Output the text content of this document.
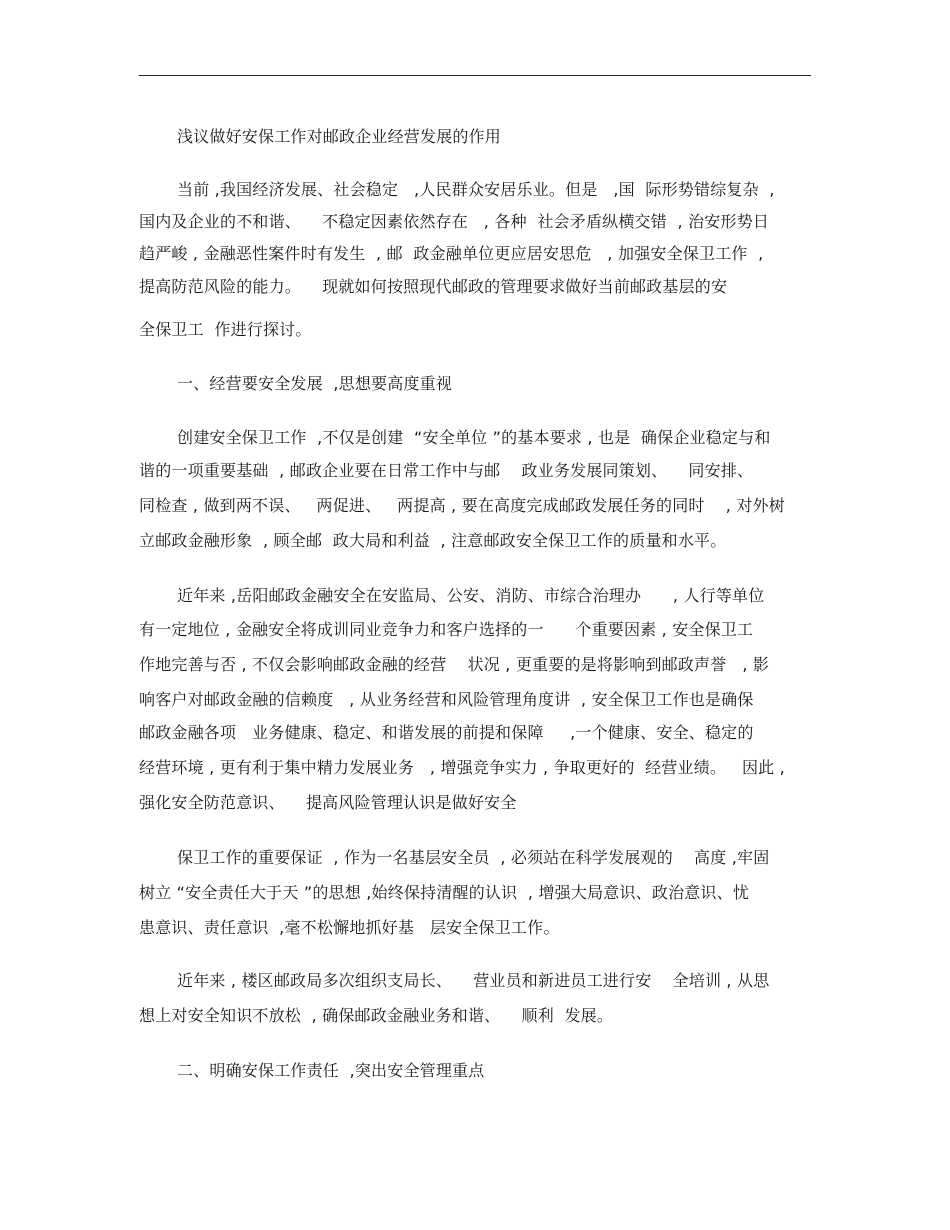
浅议做好安保工作对邮政企业经营发展的作用
当前 ,我国经济发展、社会稳定   ,人民群众安居乐业。但是   ,国  际形势错综复杂  ,
国内及企业的不和谐、    不稳定因素依然存在   , 各种  社会矛盾纵横交错  , 治安形势日
趋严峻 , 金融恶性案件时有发生  , 邮  政金融单位更应居安思危   , 加强安全保卫工作  ,
提高防范风险的能力。    现就如何按照现代邮政的管理要求做好当前邮政基层的安
全保卫工  作进行探讨。
一、经营要安全发展  ,思想要高度重视
创建安全保卫工作  ,不仅是创建  “安全单位 ”的基本要求 , 也是  确保企业稳定与和
谐的一项重要基础  , 邮政企业要在日常工作中与邮    政业务发展同策划、    同安排、
同检查 , 做到两不误、   两促进、   两提高 , 要在高度完成邮政发展任务的同时    , 对外树
立邮政金融形象  , 顾全邮  政大局和利益  , 注意邮政安全保卫工作的质量和水平。
近年来 ,岳阳邮政金融安全在安监局、公安、消防、市综合治理办      , 人行等单位
有一定地位 , 金融安全将成训同业竞争力和客户选择的一      个重要因素 , 安全保卫工
作地完善与否 , 不仅会影响邮政金融的经营    状况 , 更重要的是将影响到邮政声誉   , 影
响客户对邮政金融的信赖度   , 从业务经营和风险管理角度讲  , 安全保卫工作也是确保
邮政金融各项   业务健康、稳定、和谐发展的前提和保障     ,一个健康、安全、稳定的
经营环境 , 更有利于集中精力发展业务   , 增强竞争实力 , 争取更好的  经营业绩。   因此 ,
强化安全防范意识、    提高风险管理认识是做好安全
保卫工作的重要保证  , 作为一名基层安全员  , 必须站在科学发展观的    高度 ,牢固
树立 “安全责任大于天 ”的思想 ,始终保持清醒的认识  , 增强大局意识、政治意识、忧
患意识、责任意识  ,毫不松懈地抓好基   层安全保卫工作。
近年来 , 楼区邮政局多次组织支局长、    营业员和新进员工进行安    全培训 , 从思
想上对安全知识不放松  , 确保邮政金融业务和谐、    顺利  发展。
二、明确安保工作责任  ,突出安全管理重点
